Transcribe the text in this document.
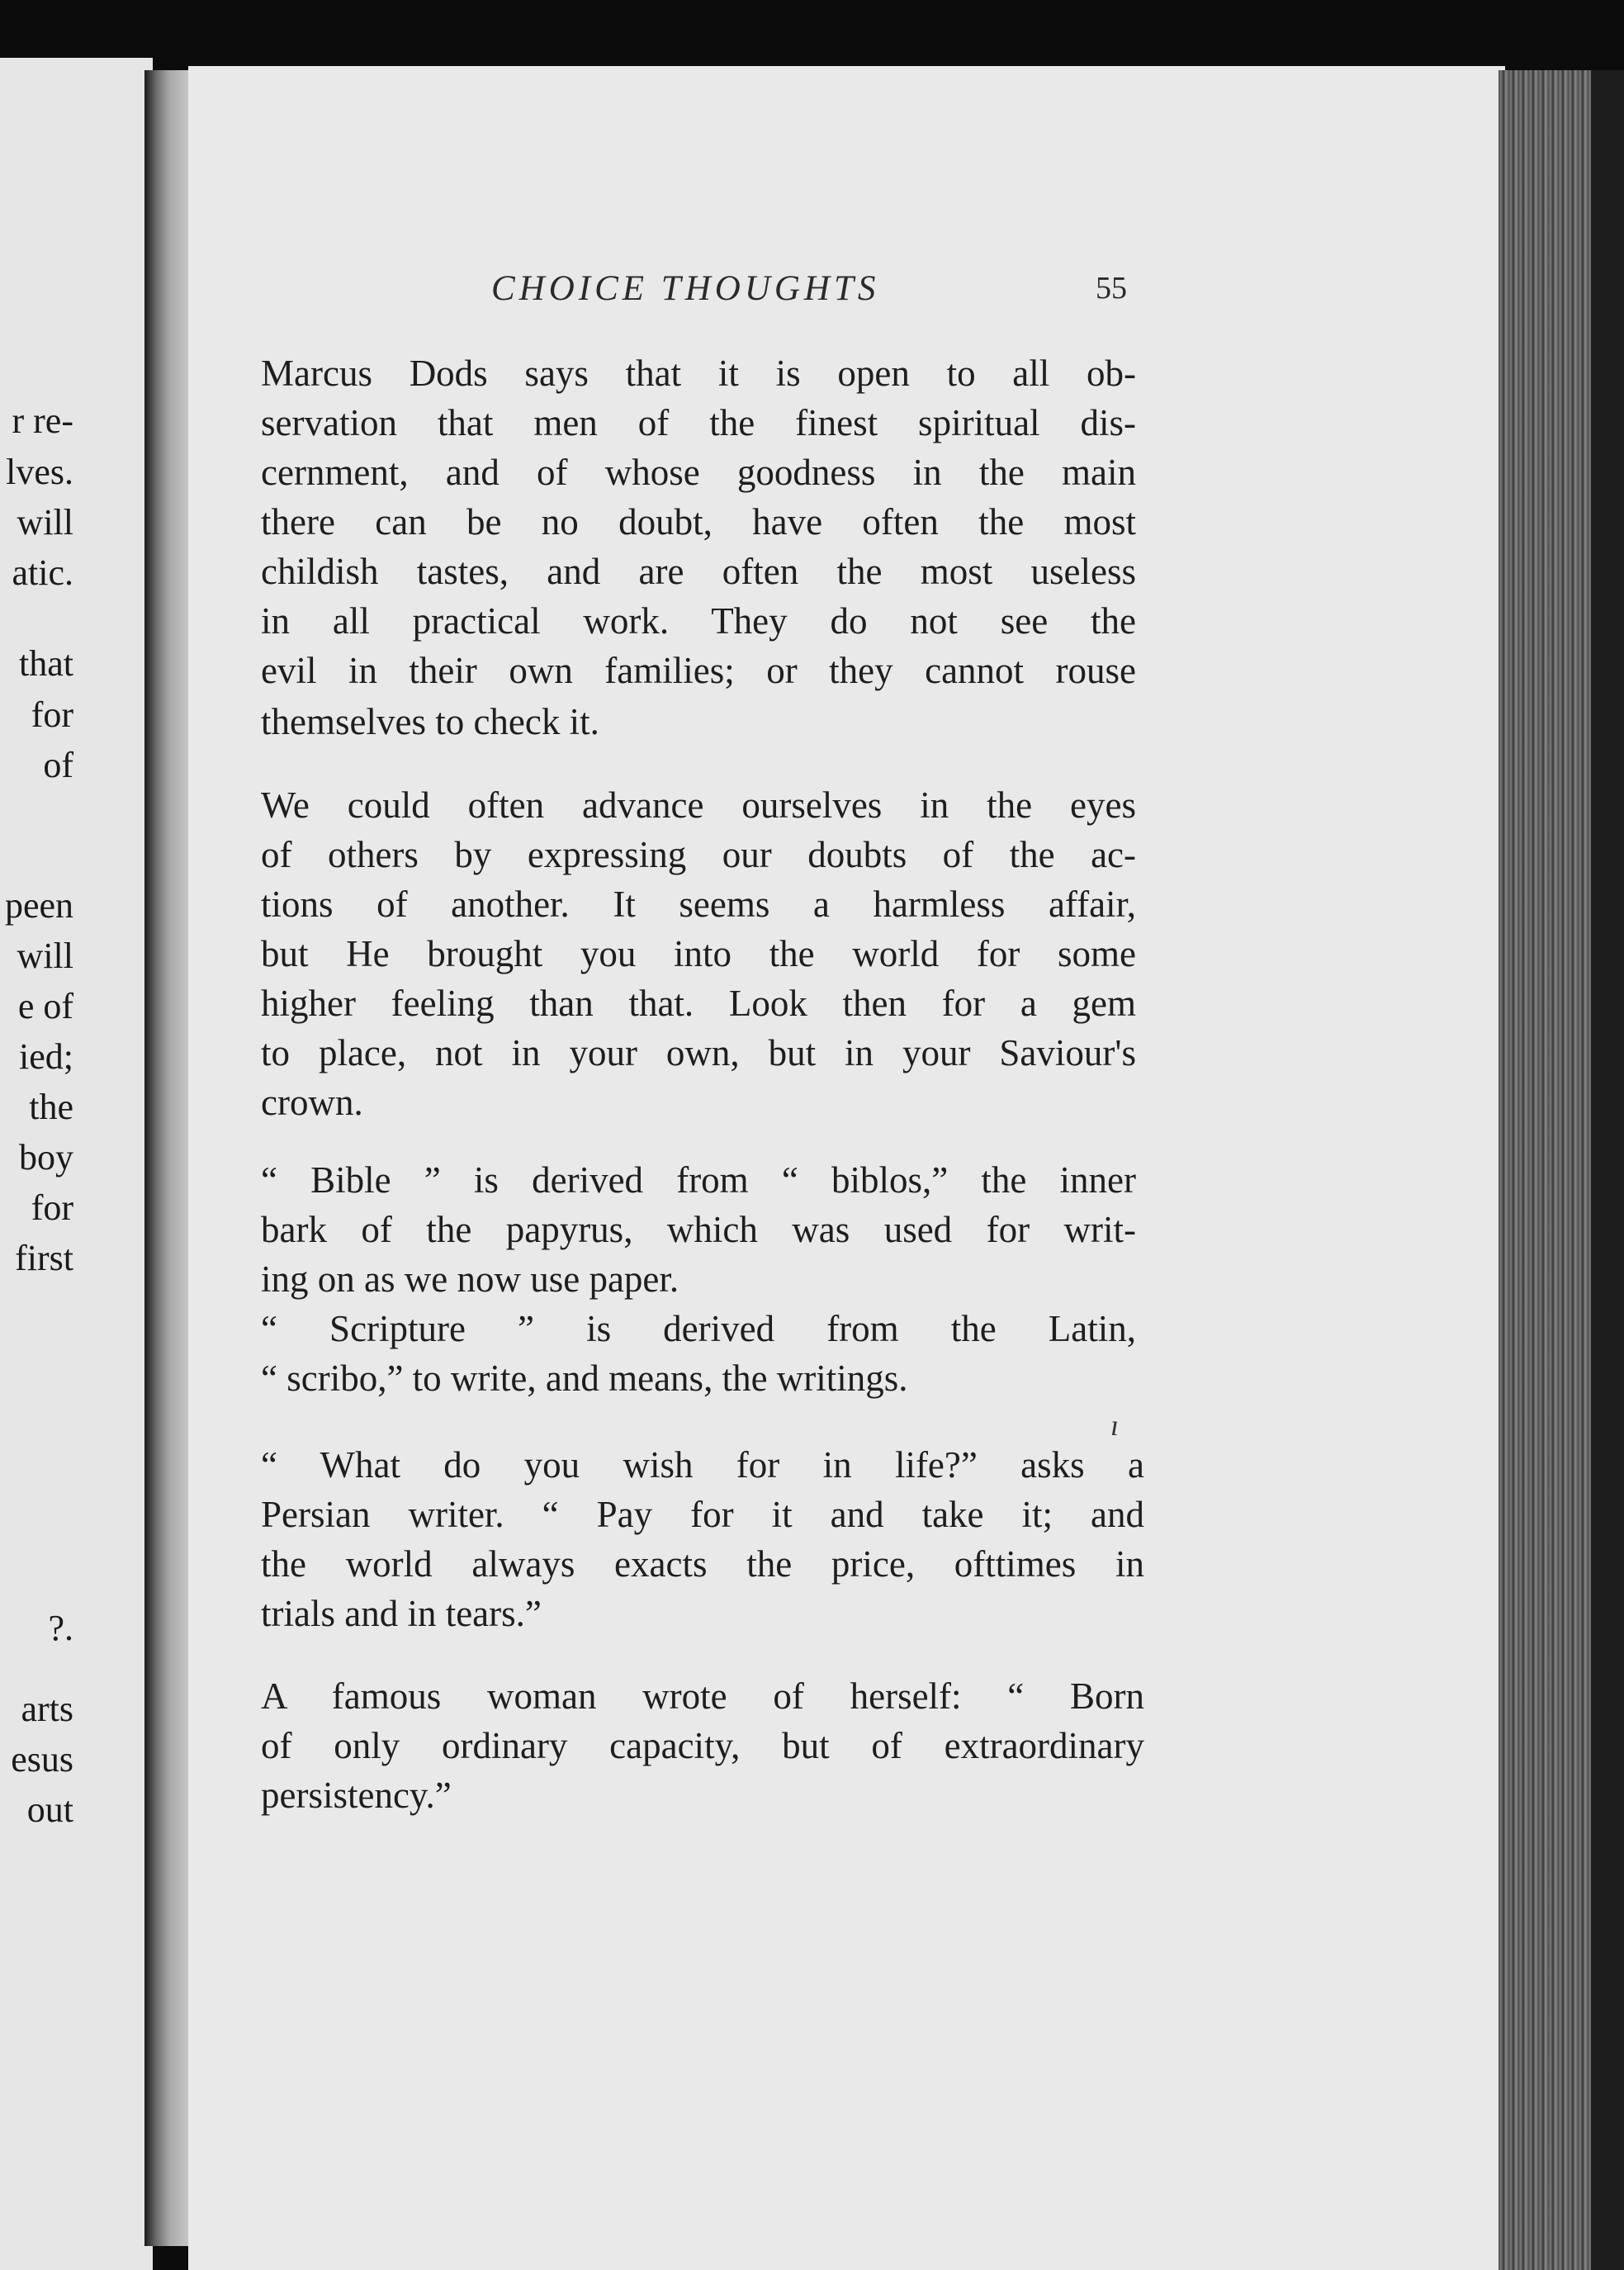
r re-
lves.
will
atic.
that
for
of
peen
will
e of
ied;
the
boy
for
first
?.
arts
esus
out
CHOICE THOUGHTS	55
Marcus Dods says that it is open to all ob-
servation that men of the finest spiritual dis-
cernment, and of whose goodness in the main
there can be no doubt, have often the most
childish tastes, and are often the most useless
in all practical work. They do not see the
evil in their own families; or they cannot rouse
themselves to check it.
We could often advance ourselves in the eyes
of others by expressing our doubts of the ac-
tions of another. It seems a harmless affair,
but He brought you into the world for some
higher feeling than that. Look then for a gem
to place, not in your own, but in your Saviour's
crown.
“ Bible ” is derived from “ biblos,” the inner
bark of the papyrus, which was used for writ-
ing on as we now use paper.
“ Scripture ” is derived from the Latin,
“ scribo,” to write, and means, the writings.
ı
“ What do you wish for in life?” asks a
Persian writer. “ Pay for it and take it; and
the world always exacts the price, ofttimes in
trials and in tears.”
A famous woman wrote of herself: “ Born
of only ordinary capacity, but of extraordinary
persistency.”
